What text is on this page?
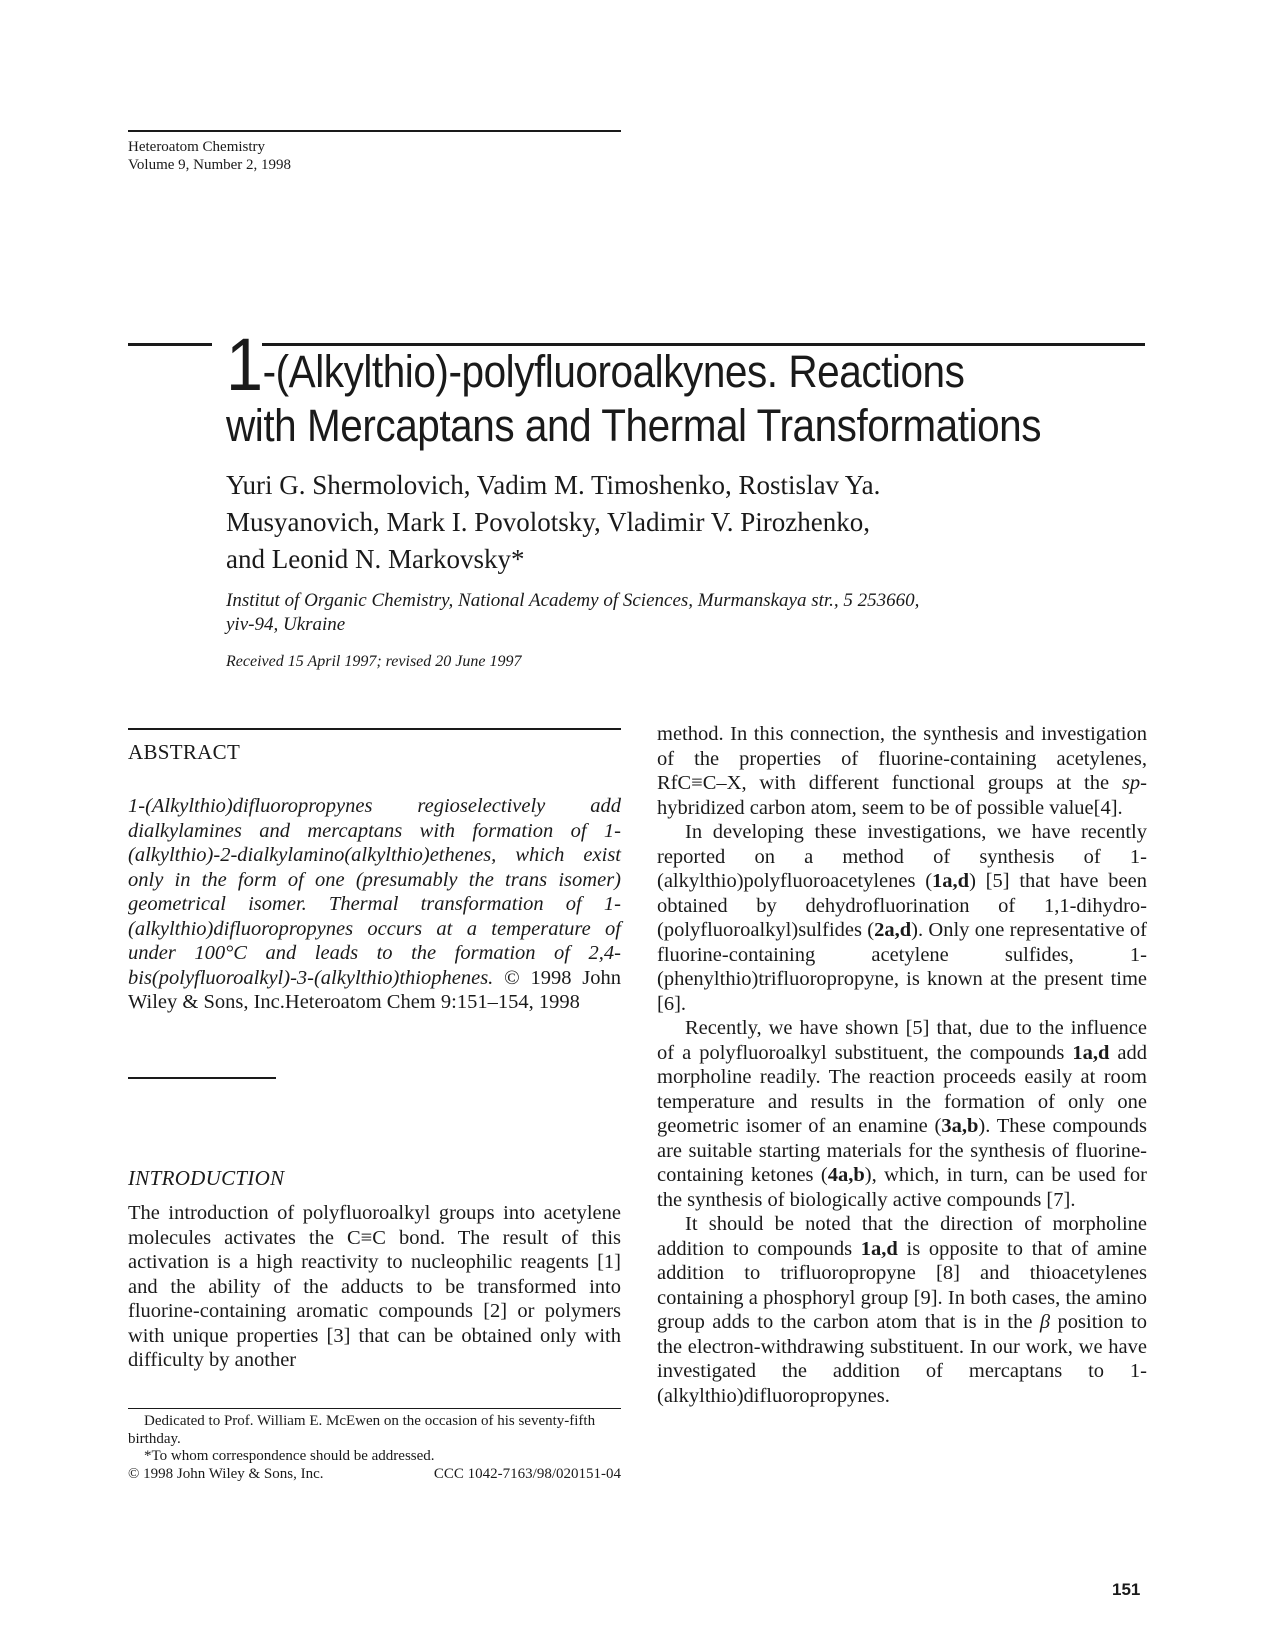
Heteroatom Chemistry
Volume 9, Number 2, 1998
1-(Alkylthio)-polyfluoroalkynes. Reactions
with Mercaptans and Thermal Transformations
Yuri G. Shermolovich, Vadim M. Timoshenko, Rostislav Ya.
Musyanovich, Mark I. Povolotsky, Vladimir V. Pirozhenko,
and Leonid N. Markovsky*
Institut of Organic Chemistry, National Academy of Sciences, Murmanskaya str., 5 253660,
yiv-94, Ukraine
Received 15 April 1997; revised 20 June 1997
ABSTRACT

1-(Alkylthio)difluoropropynes regioselectively add dialkylamines and mercaptans with formation of 1-(alkylthio)-2-dialkylamino(alkylthio)ethenes, which exist only in the form of one (presumably the trans isomer) geometrical isomer. Thermal transformation of 1-(alkylthio)difluoropropynes occurs at a temperature of under 100°C and leads to the formation of 2,4-bis(polyfluoroalkyl)-3-(alkylthio)thiophenes. © 1998 John Wiley & Sons, Inc.Heteroatom Chem 9:151–154, 1998

INTRODUCTION

The introduction of polyfluoroalkyl groups into acetylene molecules activates the C≡C bond. The result of this activation is a high reactivity to nucleophilic reagents [1] and the ability of the adducts to be transformed into fluorine-containing aromatic compounds [2] or polymers with unique properties [3] that can be obtained only with difficulty by another

Dedicated to Prof. William E. McEwen on the occasion of his seventy-fifth birthday.

*To whom correspondence should be addressed.

© 1998 John Wiley & Sons, Inc.	CCC 1042-7163/98/020151-04

method. In this connection, the synthesis and investigation of the properties of fluorine-containing acetylenes, RfC≡C–X, with different functional groups at the sp-hybridized carbon atom, seem to be of possible value[4].

In developing these investigations, we have recently reported on a method of synthesis of 1-(alkylthio)polyfluoroacetylenes (1a,d) [5] that have been obtained by dehydrofluorination of 1,1-dihydro-(polyfluoroalkyl)sulfides (2a,d). Only one representative of fluorine-containing acetylene sulfides, 1-(phenylthio)trifluoropropyne, is known at the present time [6].

Recently, we have shown [5] that, due to the influence of a polyfluoroalkyl substituent, the compounds 1a,d add morpholine readily. The reaction proceeds easily at room temperature and results in the formation of only one geometric isomer of an enamine (3a,b). These compounds are suitable starting materials for the synthesis of fluorine-containing ketones (4a,b), which, in turn, can be used for the synthesis of biologically active compounds [7].

It should be noted that the direction of morpholine addition to compounds 1a,d is opposite to that of amine addition to trifluoropropyne [8] and thioacetylenes containing a phosphoryl group [9]. In both cases, the amino group adds to the carbon atom that is in the β position to the electron-withdrawing substituent. In our work, we have investigated the addition of mercaptans to 1-(alkylthio)difluoropropynes.

151
